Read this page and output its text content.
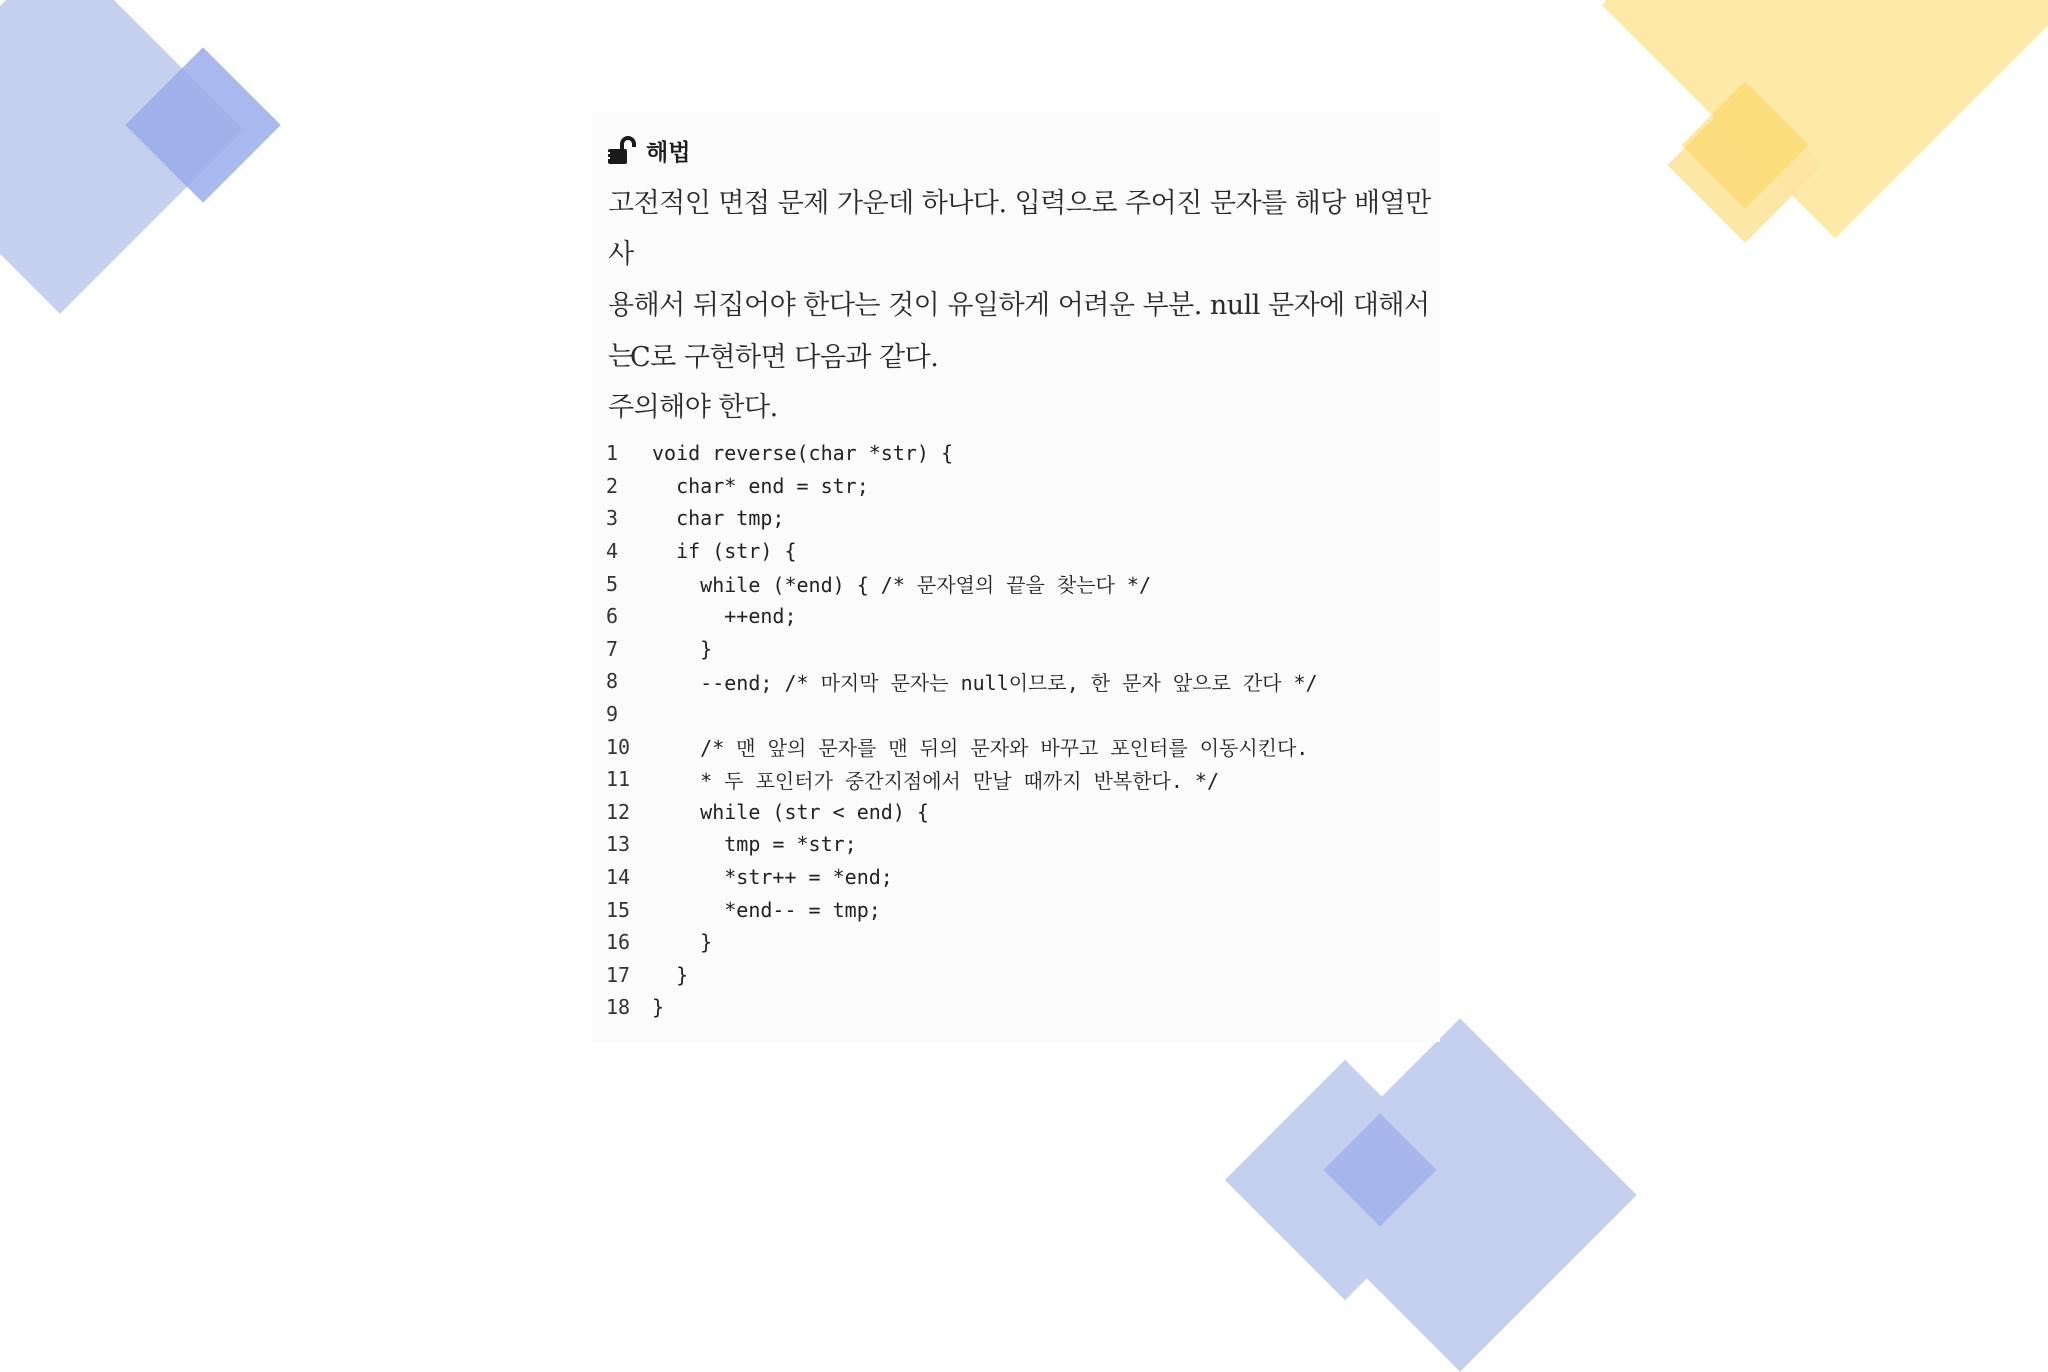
해법
고전적인 면접 문제 가운데 하나다. 입력으로 주어진 문자를 해당 배열만 사
용해서 뒤집어야 한다는 것이 유일하게 어려운 부분. null 문자에 대해서는
주의해야 한다.
C로 구현하면 다음과 같다.
1	void reverse(char *str) {
2	char* end = str;
3	char tmp;
4	if (str) {
5	while (*end) { /* 문자열의 끝을 찾는다 */
6	++end;
7	}
8	--end; /* 마지막 문자는 null이므로, 한 문자 앞으로 간다 */
9
10	/* 맨 앞의 문자를 맨 뒤의 문자와 바꾸고 포인터를 이동시킨다.
11	* 두 포인터가 중간지점에서 만날 때까지 반복한다. */
12	while (str < end) {
13	tmp = *str;
14	*str++ = *end;
15	*end-- = tmp;
16	}
17	}
18	}
